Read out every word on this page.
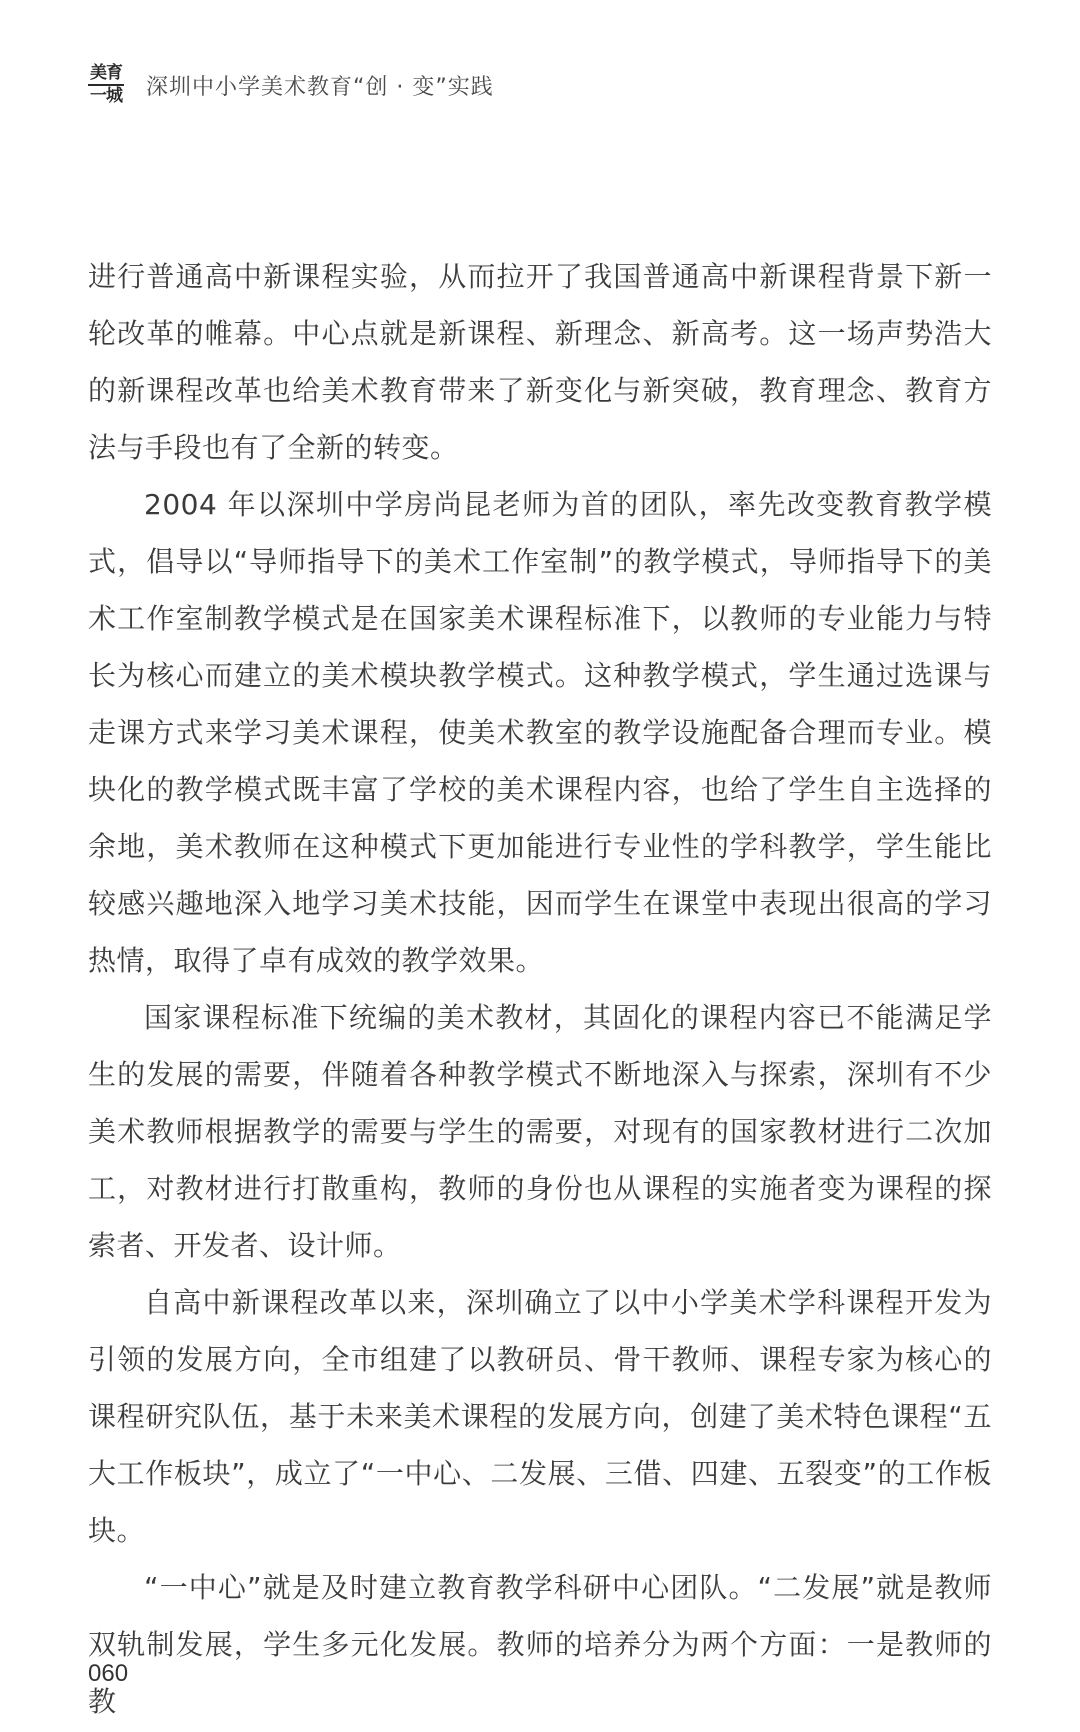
美育
一城 深圳中小学美术教育“创 · 变”实践

进行普通高中新课程实验，从而拉开了我国普通高中新课程背景下新一轮改革的帷幕。中心点就是新课程、新理念、新高考。这一场声势浩大的新课程改革也给美术教育带来了新变化与新突破，教育理念、教育方法与手段也有了全新的转变。

2004 年以深圳中学房尚昆老师为首的团队，率先改变教育教学模式，倡导以“导师指导下的美术工作室制”的教学模式，导师指导下的美术工作室制教学模式是在国家美术课程标准下，以教师的专业能力与特长为核心而建立的美术模块教学模式。这种教学模式，学生通过选课与走课方式来学习美术课程，使美术教室的教学设施配备合理而专业。模块化的教学模式既丰富了学校的美术课程内容，也给了学生自主选择的余地，美术教师在这种模式下更加能进行专业性的学科教学，学生能比较感兴趣地深入地学习美术技能，因而学生在课堂中表现出很高的学习热情，取得了卓有成效的教学效果。

国家课程标准下统编的美术教材，其固化的课程内容已不能满足学生的发展的需要，伴随着各种教学模式不断地深入与探索，深圳有不少美术教师根据教学的需要与学生的需要，对现有的国家教材进行二次加工，对教材进行打散重构，教师的身份也从课程的实施者变为课程的探索者、开发者、设计师。

自高中新课程改革以来，深圳确立了以中小学美术学科课程开发为引领的发展方向，全市组建了以教研员、骨干教师、课程专家为核心的课程研究队伍，基于未来美术课程的发展方向，创建了美术特色课程“五大工作板块”，成立了“一中心、二发展、三借、四建、五裂变”的工作板块。

“一中心”就是及时建立教育教学科研中心团队。“二发展”就是教师双轨制发展，学生多元化发展。教师的培养分为两个方面：一是教师的教

060
